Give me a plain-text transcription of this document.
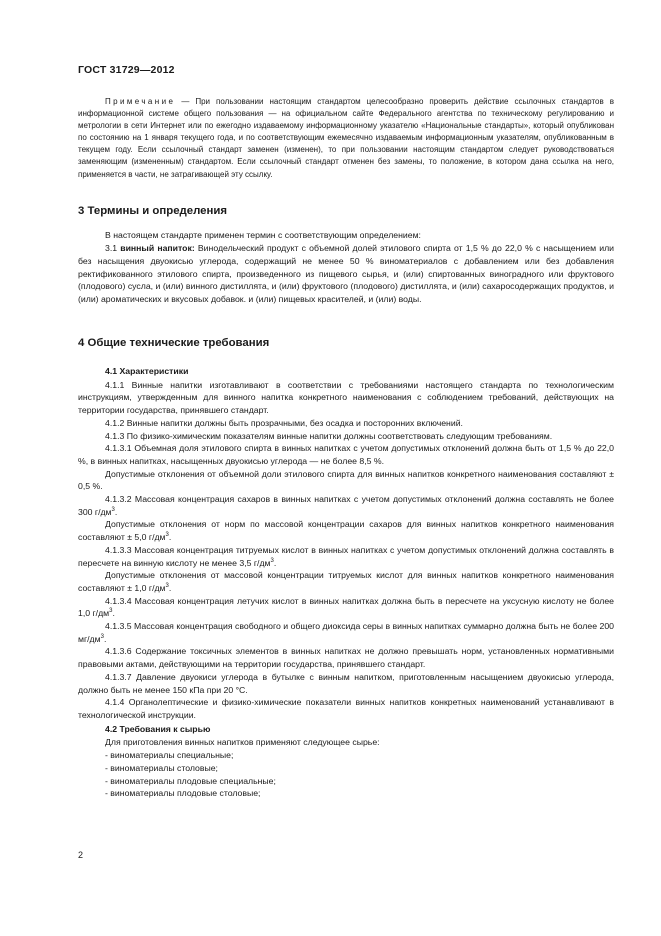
ГОСТ 31729—2012

Примечание — При пользовании настоящим стандартом целесообразно проверить действие ссылочных стандартов в информационной системе общего пользования — на официальном сайте Федерального агентства по техническому регулированию и метрологии в сети Интернет или по ежегодно издаваемому информационному указателю «Национальные стандарты», который опубликован по состоянию на 1 января текущего года, и по соответствующим ежемесячно издаваемым информационным указателям, опубликованным в текущем году. Если ссылочный стандарт заменен (изменен), то при пользовании настоящим стандартом следует руководствоваться заменяющим (измененным) стандартом. Если ссылочный стандарт отменен без замены, то положение, в котором дана ссылка на него, применяется в части, не затрагивающей эту ссылку.

3 Термины и определения

В настоящем стандарте применен термин с соответствующим определением:

3.1 винный напиток: Винодельческий продукт с объемной долей этилового спирта от 1,5 % до 22,0 % с насыщением или без насыщения двуокисью углерода, содержащий не менее 50 % виноматериалов с добавлением или без добавления ректификованного этилового спирта, произведенного из пищевого сырья, и (или) спиртованных виноградного или фруктового (плодового) сусла, и (или) винного дистиллята, и (или) фруктового (плодового) дистиллята, и (или) сахаросодержащих продуктов, и (или) ароматических и вкусовых добавок. и (или) пищевых красителей, и (или) воды.

4 Общие технические требования

4.1 Характеристики

4.1.1 Винные напитки изготавливают в соответствии с требованиями настоящего стандарта по технологическим инструкциям, утвержденным для винного напитка конкретного наименования с соблюдением требований, действующих на территории государства, принявшего стандарт.

4.1.2 Винные напитки должны быть прозрачными, без осадка и посторонних включений.

4.1.3 По физико-химическим показателям винные напитки должны соответствовать следующим требованиям.

4.1.3.1 Объемная доля этилового спирта в винных напитках с учетом допустимых отклонений должна быть от 1,5 % до 22,0 %, в винных напитках, насыщенных двуокисью углерода — не более 8,5 %.

Допустимые отклонения от объемной доли этилового спирта для винных напитков конкретного наименования составляют ± 0,5 %.

4.1.3.2 Массовая концентрация сахаров в винных напитках с учетом допустимых отклонений должна составлять не более 300 $г/дм^3$.

Допустимые отклонения от норм по массовой концентрации сахаров для винных напитков конкретного наименования составляют ± 5,0 $г/дм^3$.

4.1.3.3 Массовая концентрация титруемых кислот в винных напитках с учетом допустимых отклонений должна составлять в пересчете на винную кислоту не менее 3,5 $г/дм^3$.

Допустимые отклонения от массовой концентрации титруемых кислот для винных напитков конкретного наименования составляют ± 1,0 $г/дм^3$.

4.1.3.4 Массовая концентрация летучих кислот в винных напитках должна быть в пересчете на уксусную кислоту не более 1,0 $г/дм^3$.

4.1.3.5 Массовая концентрация свободного и общего диоксида серы в винных напитках суммарно должна быть не более 200 $мг/дм^3$.

4.1.3.6 Содержание токсичных элементов в винных напитках не должно превышать норм, установленных нормативными правовыми актами, действующими на территории государства, принявшего стандарт.

4.1.3.7 Давление двуокиси углерода в бутылке с винным напитком, приготовленным насыщением двуокисью углерода, должно быть не менее 150 кПа при 20 °С.

4.1.4 Органолептические и физико-химические показатели винных напитков конкретных наименований устанавливают в технологической инструкции.

4.2 Требования к сырью

Для приготовления винных напитков применяют следующее сырье:

- виноматериалы специальные;

- виноматериалы столовые;

- виноматериалы плодовые специальные;

- виноматериалы плодовые столовые;

2
